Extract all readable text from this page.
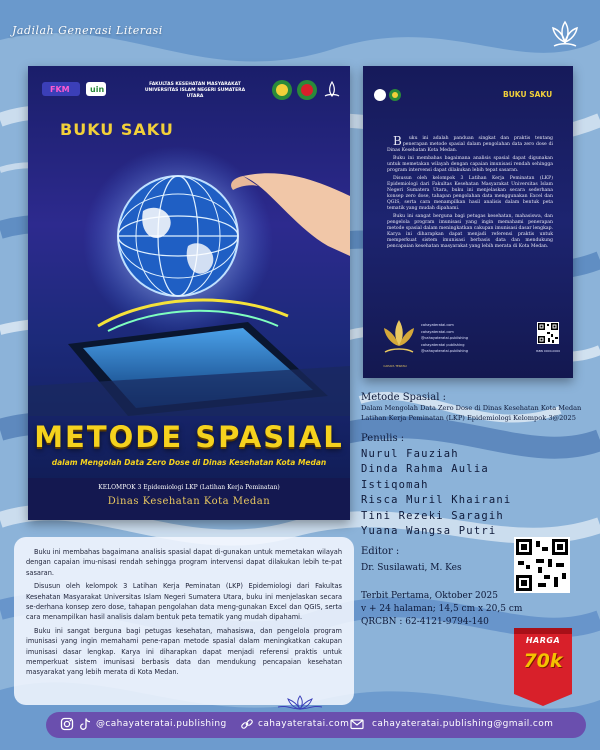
Jadilah Generasi Literasi
FKM	uin
FAKULTAS KESEHATAN MASYARAKAT
UNIVERSITAS ISLAM NEGERI SUMATERA UTARA
BUKU SAKU
METODE SPASIAL
dalam Mengolah Data Zero Dose di Dinas Kesehatan Kota Medan
KELOMPOK 3 Epidemiologi LKP (Latihan Kerja Peminatan)
Dinas Kesehatan Kota Medan
BUKU SAKU

Buku ini adalah panduan singkat dan praktis tentang penerapan metode spasial dalam pengolahan data zero dose di Dinas Kesehatan Kota Medan.

Buku ini membahas bagaimana analisis spasial dapat digunakan untuk memetakan wilayah dengan capaian imunisasi rendah sehingga program intervensi dapat dilakukan lebih tepat sasaran.

Disusun oleh kelompok 3 Latihan Kerja Peminatan (LKP) Epidemiologi dari Fakultas Kesehatan Masyarakat Universitas Islam Negeri Sumatera Utara, buku ini menjelaskan secara sederhana konsep zero dose, tahapan pengolahan data menggunakan Excel dan QGIS, serta cara menampilkan hasil analisis dalam bentuk peta tematik yang mudah dipahami.

Buku ini sangat berguna bagi petugas kesehatan, mahasiswa, dan pengelola program imunisasi yang ingin memahami penerapan metode spasial dalam meningkatkan cakupan imunisasi dasar lengkap. Karya ini diharapkan dapat menjadi referensi praktis untuk memperkuat sistem imunisasi berbasis data dan mendukung pencapaian kesehatan masyarakat yang lebih merata di Kota Medan.

cahayateratai.com
cahayateratai.com
@cahayateratai.publishing
cahayateratai publishing
@cahayateratai.publishing
CAHAYA TERATAI
ISBN 0000-0000
Metode Spasial :
Dalam Mengolah Data Zero Dose di Dinas Kesehatan Kota Medan
Latihan Kerja Peminatan (LKP) Epidemiologi Kelompok 3@2025
Penulis :
Nurul Fauziah
Dinda Rahma Aulia
Istiqomah
Risca Muril Khairani
Tini Rezeki Saragih
Yuana Wangsa Putri
Editor :
Dr. Susilawati, M. Kes
Terbit Pertama, Oktober 2025
v + 24 halaman; 14,5 cm x 20,5 cm
QRCBN : 62-4121-9794-140
HARGA
70k

Buku ini membahas bagaimana analisis spasial dapat di-gunakan untuk memetakan wilayah dengan capaian imu-nisasi rendah sehingga program intervensi dapat dilakukan lebih te-pat sasaran.

Disusun oleh kelompok 3 Latihan Kerja Peminatan (LKP) Epidemiologi dari Fakultas Kesehatan Masyarakat Universitas Islam Negeri Sumatera Utara, buku ini menjelaskan secara se-derhana konsep zero dose, tahapan pengolahan data meng-gunakan Excel dan QGIS, serta cara menampilkan hasil analisis dalam bentuk peta tematik yang mudah dipahami.

Buku ini sangat berguna bagi petugas kesehatan, mahasiswa, dan pengelola program imunisasi yang ingin memahami pene-rapan metode spasial dalam meningkatkan cakupan imunisasi dasar lengkap. Karya ini diharapkan dapat menjadi referensi praktis untuk memperkuat sistem imunisasi berbasis data dan mendukung pencapaian kesehatan masyarakat yang lebih merata di Kota Medan.

@cahayateratai.publishing	cahayateratai.com	cahayateratai.publishing@gmail.com
